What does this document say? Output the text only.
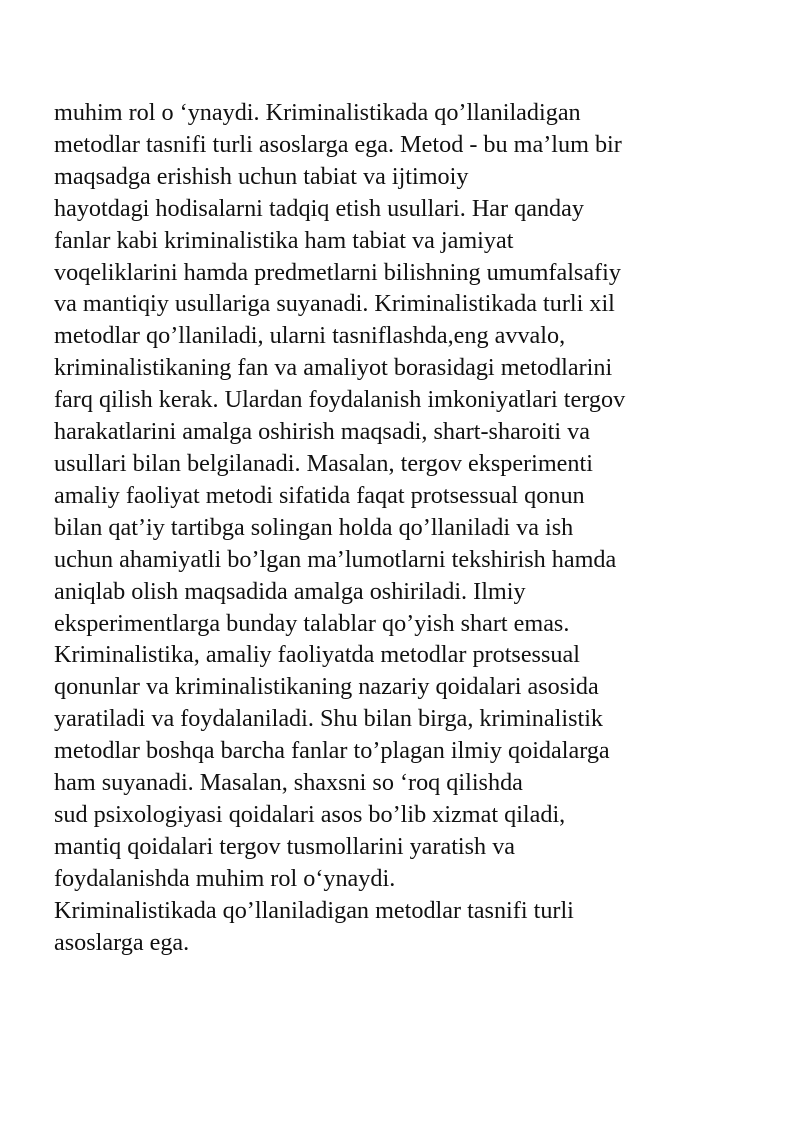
muhim rol o ‘ynaydi. Kriminalistikada qo’llaniladigan
metodlar tasnifi turli asoslarga ega. Metod - bu ma’lum bir
maqsadga erishish uchun tabiat va ijtimoiy
hayotdagi hodisalarni tadqiq etish usullari. Har qanday
fanlar kabi kriminalistika ham tabiat va jamiyat
voqeliklarini hamda predmetlarni bilishning umumfalsafiy
va mantiqiy usullariga suyanadi. Kriminalistikada turli xil
metodlar qo’llaniladi, ularni tasniflashda,eng avvalo,
kriminalistikaning fan va amaliyot borasidagi metodlarini
farq qilish kerak. Ulardan foydalanish imkoniyatlari tergov
harakatlarini amalga oshirish maqsadi, shart-sharoiti va
usullari bilan belgilanadi. Masalan, tergov eksperimenti
amaliy faoliyat metodi sifatida faqat protsessual qonun
bilan qat’iy tartibga solingan holda qo’llaniladi va ish
uchun ahamiyatli bo’lgan ma’lumotlarni tekshirish hamda
aniqlab olish maqsadida amalga oshiriladi. Ilmiy
eksperimentlarga bunday talablar qo’yish shart emas.
Kriminalistika, amaliy faoliyatda metodlar protsessual
qonunlar va kriminalistikaning nazariy qoidalari asosida
yaratiladi va foydalaniladi. Shu bilan birga, kriminalistik
metodlar boshqa barcha fanlar to’plagan ilmiy qoidalarga
ham suyanadi. Masalan, shaxsni so ‘roq qilishda
sud psixologiyasi qoidalari asos bo’lib xizmat qiladi,
mantiq qoidalari tergov tusmollarini yaratish va
foydalanishda muhim rol o‘ynaydi.
Kriminalistikada qo’llaniladigan metodlar tasnifi turli
asoslarga ega.
